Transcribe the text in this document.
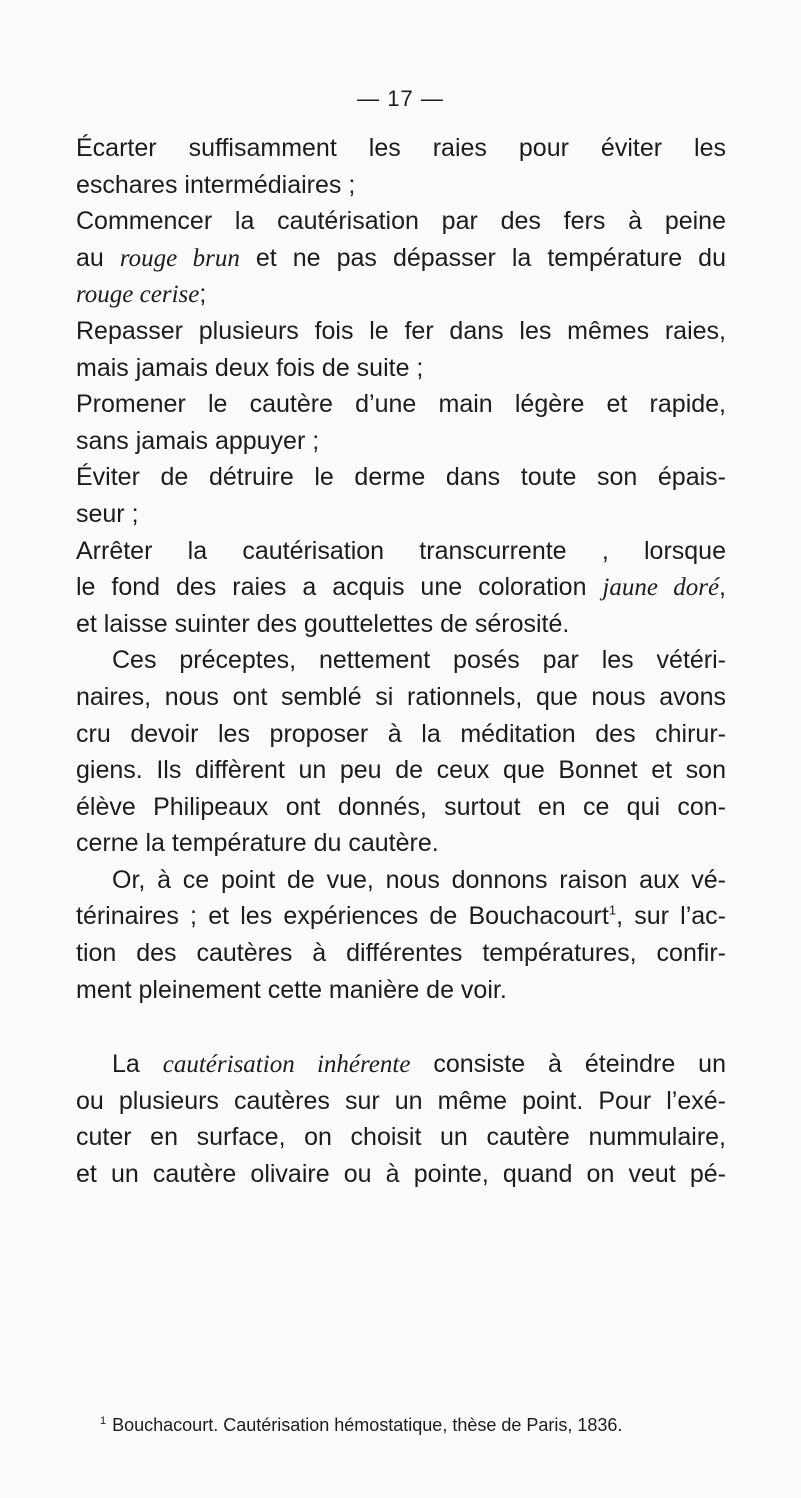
— 17 —
Écarter suffisamment les raies pour éviter les
eschares intermédiaires ;
Commencer la cautérisation par des fers à peine
au rouge brun et ne pas dépasser la température du
rouge cerise;
Repasser plusieurs fois le fer dans les mêmes raies,
mais jamais deux fois de suite ;
Promener le cautère d’une main légère et rapide,
sans jamais appuyer ;
Éviter de détruire le derme dans toute son épais-
seur ;
Arrêter la cautérisation transcurrente , lorsque
le fond des raies a acquis une coloration jaune doré,
et laisse suinter des gouttelettes de sérosité.
Ces préceptes, nettement posés par les vétéri-
naires, nous ont semblé si rationnels, que nous avons
cru devoir les proposer à la méditation des chirur-
giens. Ils diffèrent un peu de ceux que Bonnet et son
élève Philipeaux ont donnés, surtout en ce qui con-
cerne la température du cautère.
Or, à ce point de vue, nous donnons raison aux vé-
térinaires ; et les expériences de Bouchacourt$^1$, sur l’ac-
tion des cautères à différentes températures, confir-
ment pleinement cette manière de voir.
La cautérisation inhérente consiste à éteindre un
ou plusieurs cautères sur un même point. Pour l’exé-
cuter en surface, on choisit un cautère nummulaire,
et un cautère olivaire ou à pointe, quand on veut pé-
$^1$ Bouchacourt. Cautérisation hémostatique, thèse de Paris, 1836.
